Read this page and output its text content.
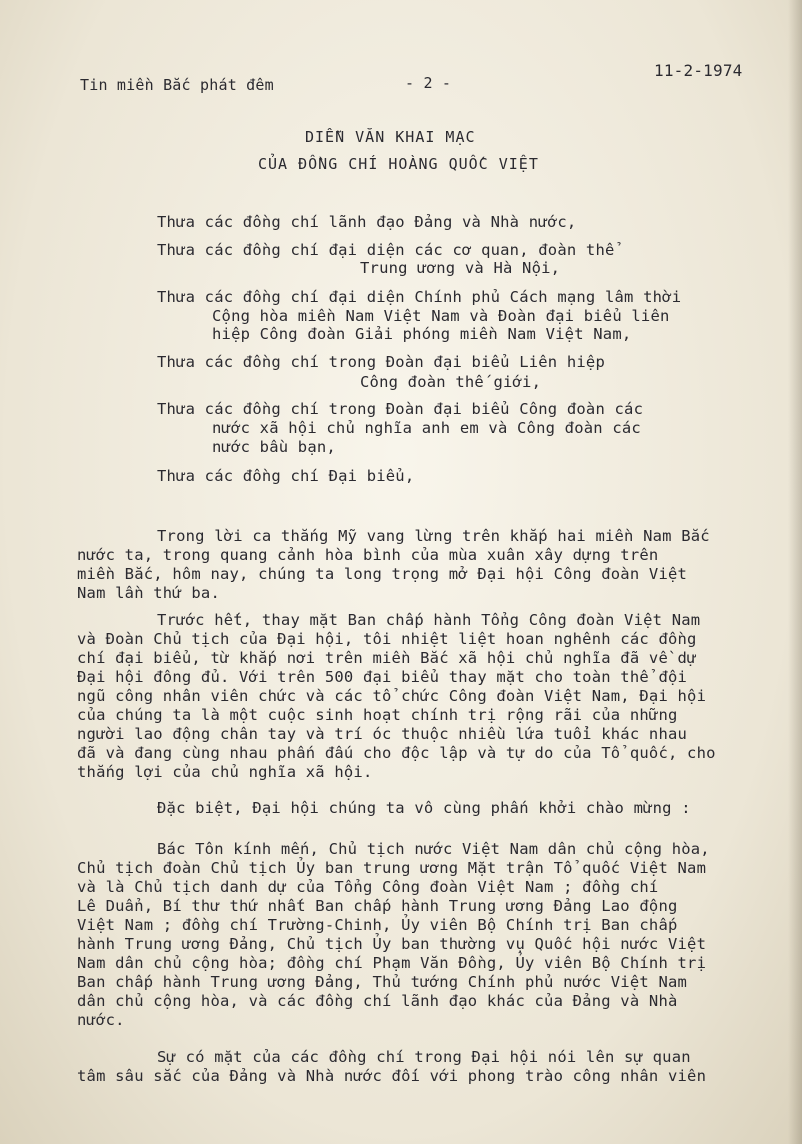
Tin miền Bắc phát đêm	- 2 -

11-2-1974

DIỄN VĂN KHAI MẠC

CỦA ĐỒNG CHÍ HOÀNG QUỐC VIỆT

Thưa các đồng chí lãnh đạo Đảng và Nhà nước,

Thưa các đồng chí đại diện các cơ quan, đoàn thể

Trung ương và Hà Nội,

Thưa các đồng chí đại diện Chính phủ Cách mạng lâm thời

Cộng hòa miền Nam Việt Nam và Đoàn đại biểu liên

hiệp Công đoàn Giải phóng miền Nam Việt Nam,

Thưa các đồng chí trong Đoàn đại biểu Liên hiệp

Công đoàn thế giới,

Thưa các đồng chí trong Đoàn đại biểu Công đoàn các

nước xã hội chủ nghĩa anh em và Công đoàn các

nước bầu bạn,

Thưa các đồng chí Đại biểu,

Trong lời ca thắng Mỹ vang lừng trên khắp hai miền Nam Bắc

nước ta, trong quang cảnh hòa bình của mùa xuân xây dựng trên

miền Bắc, hôm nay, chúng ta long trọng mở Đại hội Công đoàn Việt

Nam lần thứ ba.

Trước hết, thay mặt Ban chấp hành Tổng Công đoàn Việt Nam

và Đoàn Chủ tịch của Đại hội, tôi nhiệt liệt hoan nghênh các đồng

chí đại biểu, từ khắp nơi trên miền Bắc xã hội chủ nghĩa đã về dự

Đại hội đông đủ. Với trên 500 đại biểu thay mặt cho toàn thể đội

ngũ công nhân viên chức và các tổ chức Công đoàn Việt Nam, Đại hội

của chúng ta là một cuộc sinh hoạt chính trị rộng rãi của những

người lao động chân tay và trí óc thuộc nhiều lứa tuổi khác nhau

đã và đang cùng nhau phấn đấu cho độc lập và tự do của Tổ quốc, cho

thắng lợi của chủ nghĩa xã hội.

Đặc biệt, Đại hội chúng ta vô cùng phấn khởi chào mừng :

Bác Tôn kính mến, Chủ tịch nước Việt Nam dân chủ cộng hòa,

Chủ tịch đoàn Chủ tịch Ủy ban trung ương Mặt trận Tổ quốc Việt Nam

và là Chủ tịch danh dự của Tổng Công đoàn Việt Nam ; đồng chí

Lê Duẩn, Bí thư thứ nhất Ban chấp hành Trung ương Đảng Lao động

Việt Nam ; đồng chí Trường-Chinh, Ủy viên Bộ Chính trị Ban chấp

hành Trung ương Đảng, Chủ tịch Ủy ban thường vụ Quốc hội nước Việt

Nam dân chủ cộng hòa; đồng chí Phạm Văn Đồng, Ủy viên Bộ Chính trị

Ban chấp hành Trung ương Đảng, Thủ tướng Chính phủ nước Việt Nam

dân chủ cộng hòa, và các đồng chí lãnh đạo khác của Đảng và Nhà

nước.

Sự có mặt của các đồng chí trong Đại hội nói lên sự quan

tâm sâu sắc của Đảng và Nhà nước đối với phong trào công nhân viên
